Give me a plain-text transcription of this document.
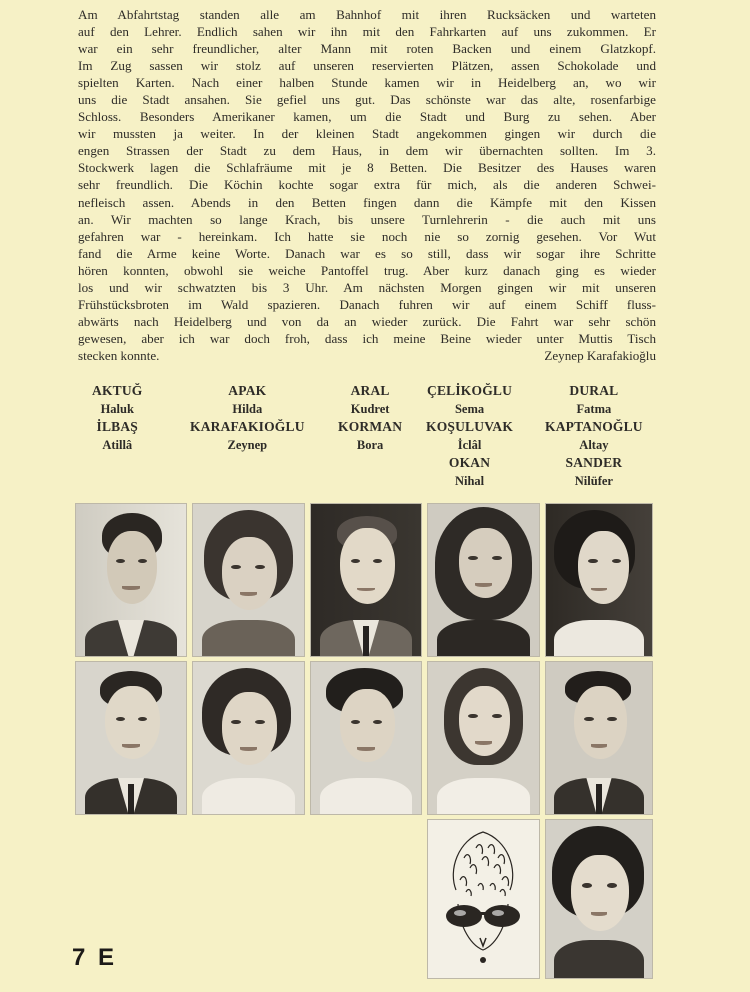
Am Abfahrtstag standen alle am Bahnhof mit ihren Rucksäcken und warteten
auf den Lehrer. Endlich sahen wir ihn mit den Fahrkarten auf uns zukommen. Er
war ein sehr freundlicher, alter Mann mit roten Backen und einem Glatzkopf.
Im Zug sassen wir stolz auf unseren reservierten Plätzen, assen Schokolade und
spielten Karten. Nach einer halben Stunde kamen wir in Heidelberg an, wo wir
uns die Stadt ansahen. Sie gefiel uns gut. Das schönste war das alte, rosenfarbige
Schloss. Besonders Amerikaner kamen, um die Stadt und Burg zu sehen. Aber
wir mussten ja weiter. In der kleinen Stadt angekommen gingen wir durch die
engen Strassen der Stadt zu dem Haus, in dem wir übernachten sollten. Im 3.
Stockwerk lagen die Schlafräume mit je 8 Betten. Die Besitzer des Hauses waren
sehr freundlich. Die Köchin kochte sogar extra für mich, als die anderen Schwei-
nefleisch assen. Abends in den Betten fingen dann die Kämpfe mit den Kissen
an. Wir machten so lange Krach, bis unsere Turnlehrerin - die auch mit uns
gefahren war - hereinkam. Ich hatte sie noch nie so zornig gesehen. Vor Wut
fand die Arme keine Worte. Danach war es so still, dass wir sogar ihre Schritte
hören konnten, obwohl sie weiche Pantoffel trug. Aber kurz danach ging es wieder
los und wir schwatzten bis 3 Uhr. Am nächsten Morgen gingen wir mit unseren
Frühstücksbroten im Wald spazieren. Danach fuhren wir auf einem Schiff fluss-
abwärts nach Heidelberg und von da an wieder zurück. Die Fahrt war sehr schön
gewesen, aber ich war doch froh, dass ich meine Beine wieder unter Muttis Tisch
stecken konnte.	Zeynep Karafakioğlu
AKTUĞ
Haluk
İLBAŞ
Atillâ
APAK
Hilda
KARAFAKIOĞLU
Zeynep
ARAL
Kudret
KORMAN
Bora
ÇELİKOĞLU
Sema
KOŞULUVAK
İclâl
OKAN
Nihal
DURAL
Fatma
KAPTANOĞLU
Altay
SANDER
Nilüfer
7 E
